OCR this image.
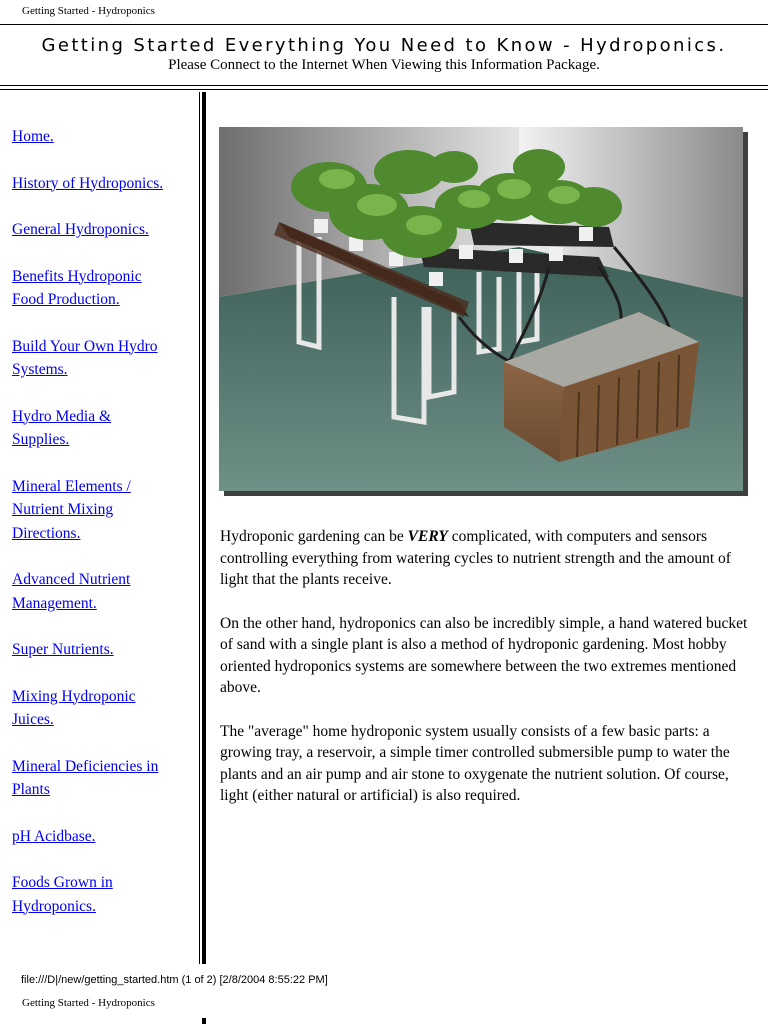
Getting Started - Hydroponics
Getting Started Everything You Need to Know - Hydroponics.
Please Connect to the Internet When Viewing this Information Package.
Home.
History of Hydroponics.
General Hydroponics.
Benefits Hydroponic
Food Production.
Build Your Own Hydro
Systems.
Hydro Media &
Supplies.
Mineral Elements /
Nutrient Mixing
Directions.
Advanced Nutrient
Management.
Super Nutrients.
Mixing Hydroponic
Juices.
Mineral Deficiencies in
Plants
pH Acidbase.
Foods Grown in
Hydroponics.

Hydroponic gardening can be VERY complicated, with computers and sensors controlling everything from watering cycles to nutrient strength and the amount of light that the plants receive.

On the other hand, hydroponics can also be incredibly simple, a hand watered bucket of sand with a single plant is also a method of hydroponic gardening. Most hobby oriented hydroponics systems are somewhere between the two extremes mentioned above.

The "average" home hydroponic system usually consists of a few basic parts: a growing tray, a reservoir, a simple timer controlled submersible pump to water the plants and an air pump and air stone to oxygenate the nutrient solution. Of course, light (either natural or artificial) is also required.

file:///D|/new/getting_started.htm (1 of 2) [2/8/2004 8:55:22 PM]
Getting Started - Hydroponics
